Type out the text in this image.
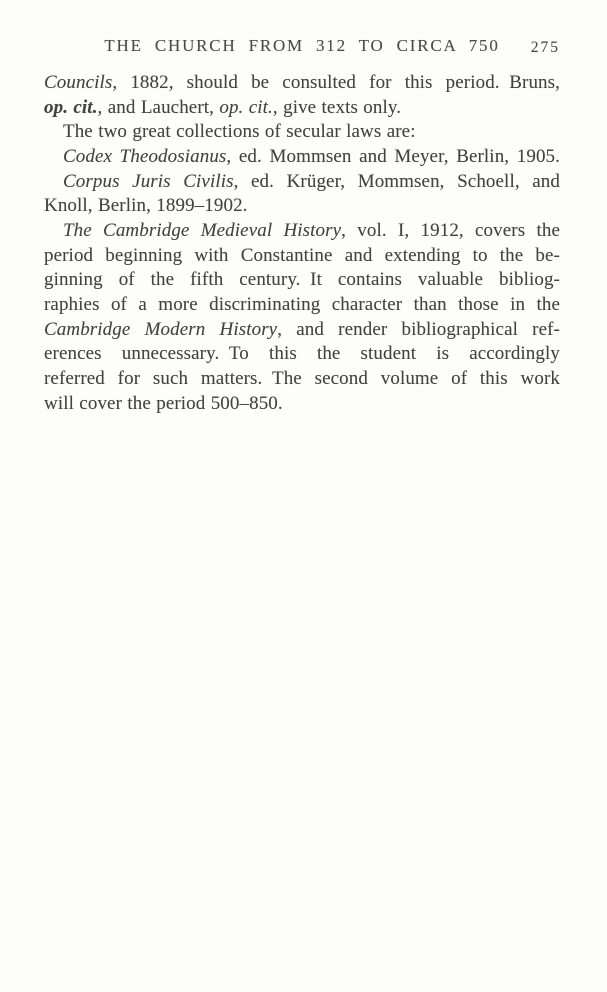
THE CHURCH FROM 312 TO CIRCA 750	275
Councils, 1882, should be consulted for this period. Bruns,
op. cit., and Lauchert, op. cit., give texts only.
The two great collections of secular laws are:
Codex Theodosianus, ed. Mommsen and Meyer, Berlin, 1905.
Corpus Juris Civilis, ed. Krüger, Mommsen, Schoell, and
Knoll, Berlin, 1899–1902.
The Cambridge Medieval History, vol. I, 1912, covers the
period beginning with Constantine and extending to the be-
ginning of the fifth century. It contains valuable bibliog-
raphies of a more discriminating character than those in the
Cambridge Modern History, and render bibliographical ref-
erences unnecessary. To this the student is accordingly
referred for such matters. The second volume of this work
will cover the period 500–850.
